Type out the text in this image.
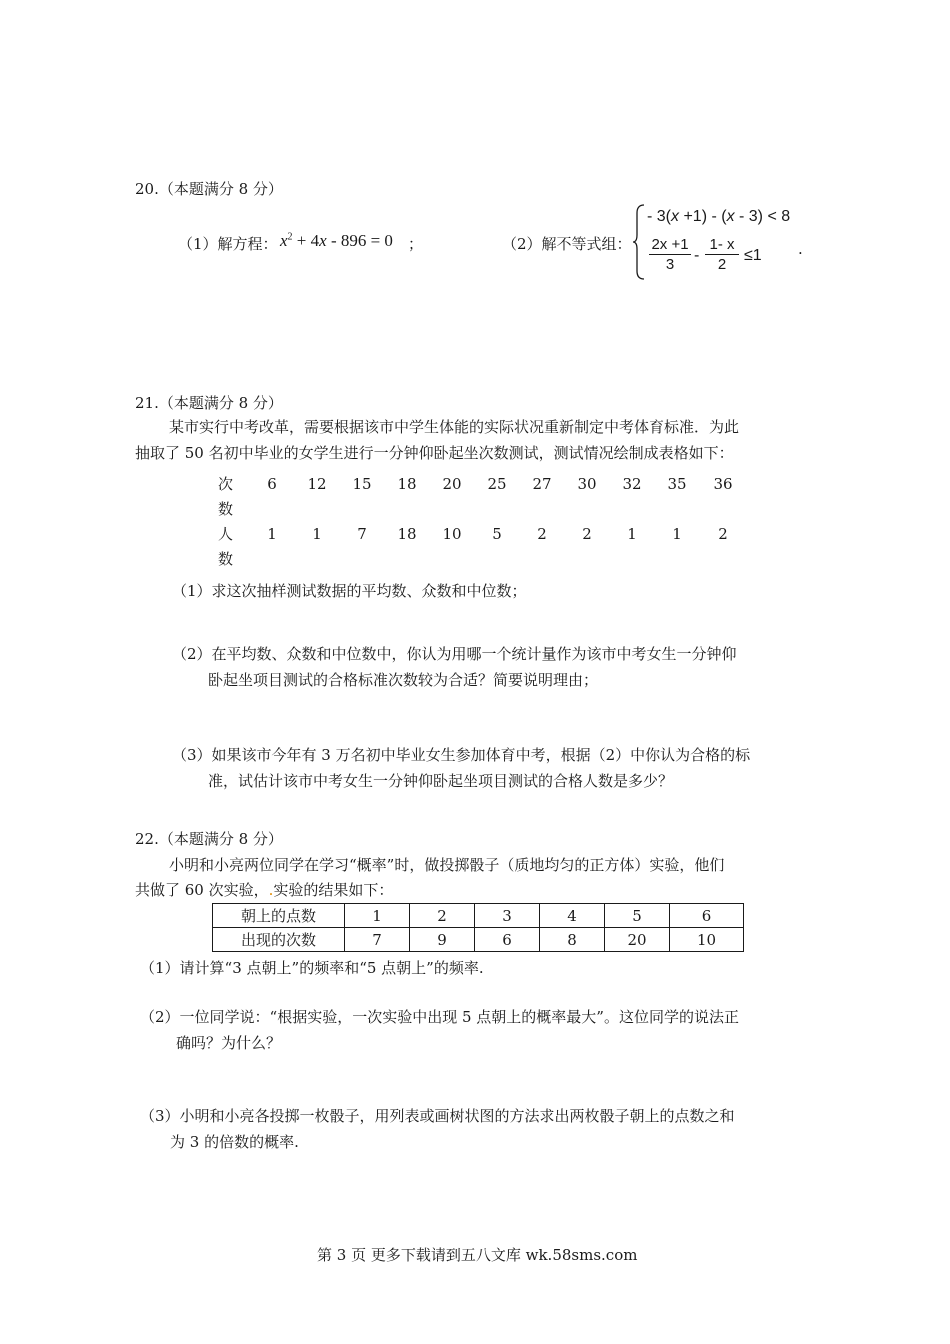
20.（本题满分 8 分）
（1）解方程： $x^2 + 4x - 896 = 0$ ；	（2）解不等式组：
- 3(x +1) - (x - 3) < 8
2x +1
3
-
1- x
2
≤1 .
21.（本题满分 8 分）
某市实行中考改革，需要根据该市中学生体能的实际状况重新制定中考体育标准．为此
抽取了 50 名初中毕业的女学生进行一分钟仰卧起坐次数测试，测试情况绘制成表格如下：
次数
6	12	15	18	20	25	27	30	32	35	36
人数
1	1	7	18	10	5	2	2	1	1	2
（1）求这次抽样测试数据的平均数、众数和中位数；
（2）在平均数、众数和中位数中，你认为用哪一个统计量作为该市中考女生一分钟仰
卧起坐项目测试的合格标准次数较为合适？简要说明理由；
（3）如果该市今年有 3 万名初中毕业女生参加体育中考，根据（2）中你认为合格的标
准，试估计该市中考女生一分钟仰卧起坐项目测试的合格人数是多少？
22.（本题满分 8 分）
小明和小亮两位同学在学习“概率”时，做投掷骰子（质地均匀的正方体）实验，他们
共做了 60 次实验，.实验的结果如下：
朝上的点数	1	2	3	4	5	6
出现的次数	7	9	6	8	20	10
（1）请计算“3 点朝上”的频率和“5 点朝上”的频率.
（2）一位同学说：“根据实验，一次实验中出现 5 点朝上的概率最大”。这位同学的说法正
确吗？为什么？
（3）小明和小亮各投掷一枚骰子，用列表或画树状图的方法求出两枚骰子朝上的点数之和
为 3 的倍数的概率.
第 3 页 更多下载请到五八文库 wk.58sms.com
